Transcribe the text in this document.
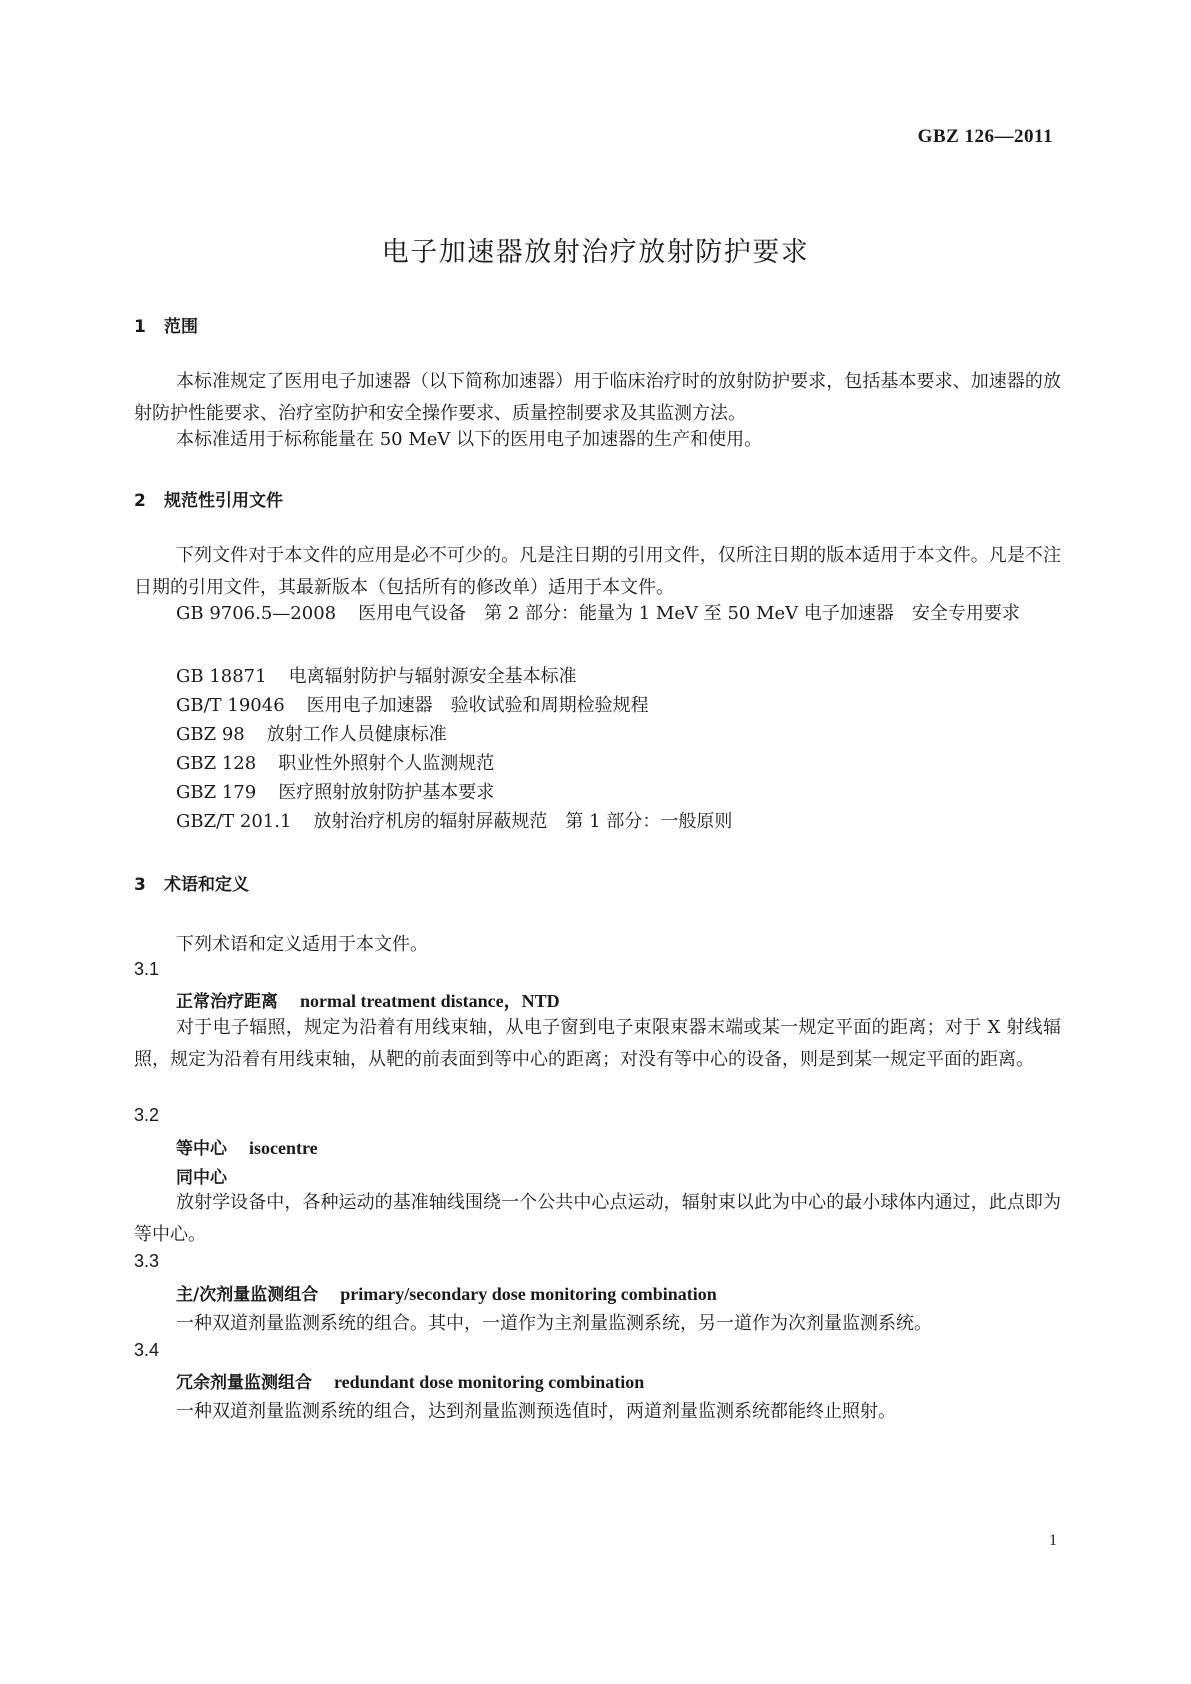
GBZ 126—2011
电子加速器放射治疗放射防护要求
1 范围
本标准规定了医用电子加速器（以下简称加速器）用于临床治疗时的放射防护要求，包括基本要求、加速器的放射防护性能要求、治疗室防护和安全操作要求、质量控制要求及其监测方法。
本标准适用于标称能量在 50 MeV 以下的医用电子加速器的生产和使用。
2 规范性引用文件
下列文件对于本文件的应用是必不可少的。凡是注日期的引用文件，仅所注日期的版本适用于本文件。凡是不注日期的引用文件，其最新版本（包括所有的修改单）适用于本文件。
GB 9706.5—2008 医用电气设备　第 2 部分：能量为 1 MeV 至 50 MeV 电子加速器　安全专用要求
GB 18871 电离辐射防护与辐射源安全基本标准
GB/T 19046 医用电子加速器　验收试验和周期检验规程
GBZ 98 放射工作人员健康标准
GBZ 128 职业性外照射个人监测规范
GBZ 179 医疗照射放射防护基本要求
GBZ/T 201.1 放射治疗机房的辐射屏蔽规范　第 1 部分：一般原则
3 术语和定义
下列术语和定义适用于本文件。
3.1
正常治疗距离 normal treatment distance，NTD
对于电子辐照，规定为沿着有用线束轴，从电子窗到电子束限束器末端或某一规定平面的距离；对于 X 射线辐照，规定为沿着有用线束轴，从靶的前表面到等中心的距离；对没有等中心的设备，则是到某一规定平面的距离。
3.2
等中心 isocentre
同中心
放射学设备中，各种运动的基准轴线围绕一个公共中心点运动，辐射束以此为中心的最小球体内通过，此点即为等中心。
3.3
主/次剂量监测组合 primary/secondary dose monitoring combination
一种双道剂量监测系统的组合。其中，一道作为主剂量监测系统，另一道作为次剂量监测系统。
3.4
冗余剂量监测组合 redundant dose monitoring combination
一种双道剂量监测系统的组合，达到剂量监测预选值时，两道剂量监测系统都能终止照射。
1
